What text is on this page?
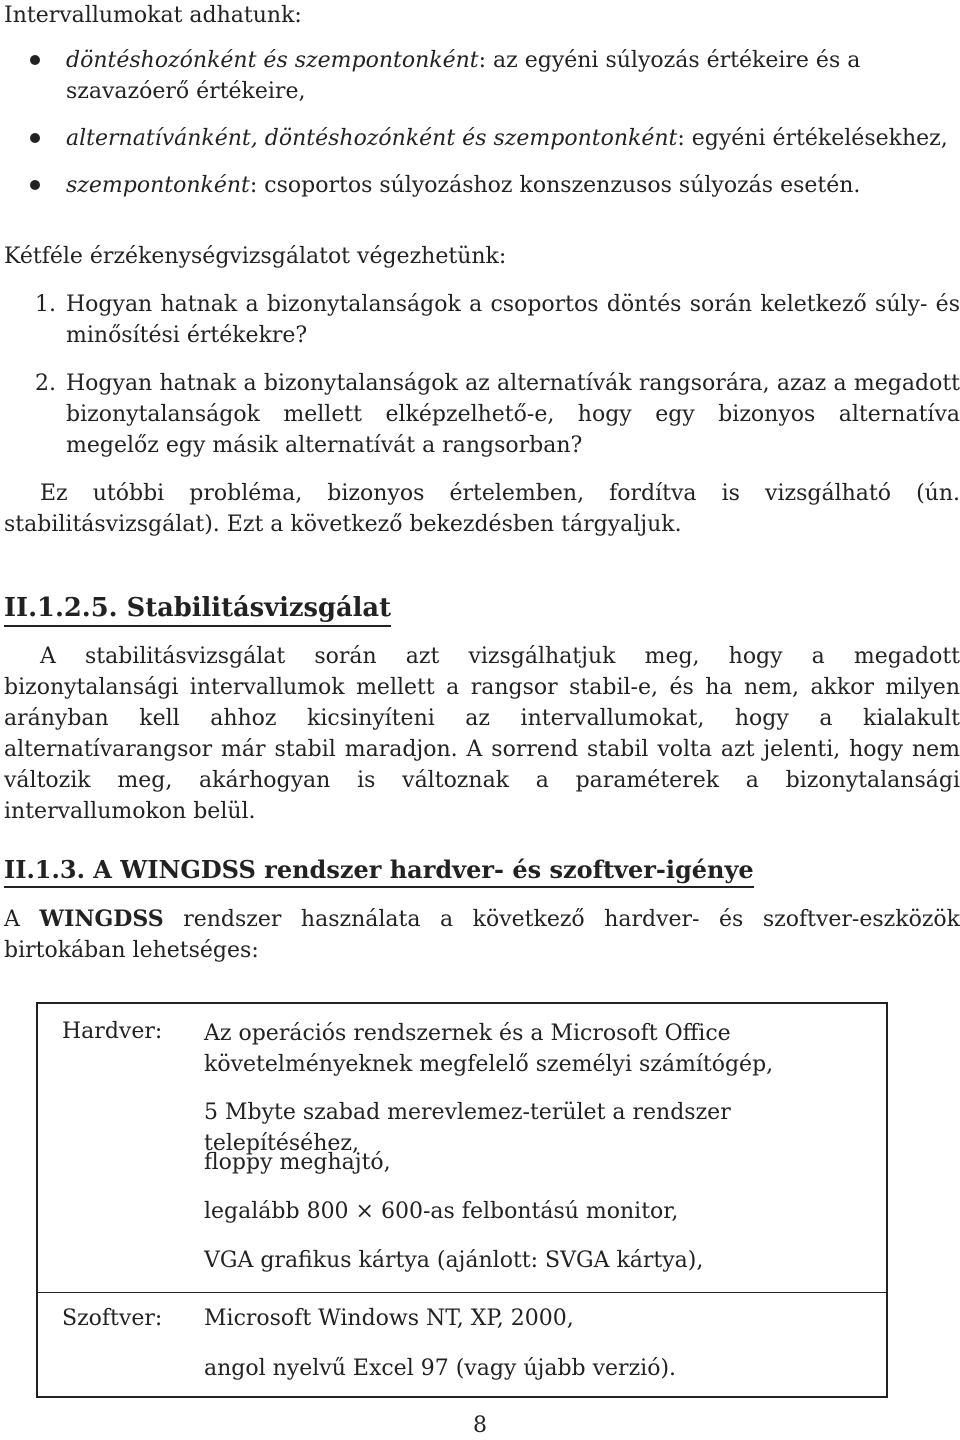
Intervallumokat adhatunk:

döntéshozónként és szempontonként: az egyéni súlyozás értékeire és a szavazóerő értékeire,
alternatívánként, döntéshozónként és szempontonként: egyéni értékelésekhez,
szempontonként: csoportos súlyozáshoz konszenzusos súlyozás esetén.

Kétféle érzékenységvizsgálatot végezhetünk:

1. Hogyan hatnak a bizonytalanságok a csoportos döntés során keletkező súly- és minősítési értékekre?
2. Hogyan hatnak a bizonytalanságok az alternatívák rangsorára, azaz a megadott bizonytalanságok mellett elképzelhető-e, hogy egy bizonyos alternatíva megelőz egy másik alternatívát a rangsorban?

Ez utóbbi probléma, bizonyos értelemben, fordítva is vizsgálható (ún. stabilitásvizsgálat). Ezt a következő bekezdésben tárgyaljuk.

II.1.2.5. Stabilitásvizsgálat

A stabilitásvizsgálat során azt vizsgálhatjuk meg, hogy a megadott bizonytalansági intervallumok mellett a rangsor stabil-e, és ha nem, akkor milyen arányban kell ahhoz kicsinyíteni az intervallumokat, hogy a kialakult alternatívarangsor már stabil maradjon. A sorrend stabil volta azt jelenti, hogy nem változik meg, akárhogyan is változnak a paraméterek a bizonytalansági intervallumokon belül.

II.1.3. A WINGDSS rendszer hardver- és szoftver-igénye

A WINGDSS rendszer használata a következő hardver- és szoftver-eszközök birtokában lehetséges:

Hardver: Az operációs rendszernek és a Microsoft Office
követelményeknek megfelelő személyi számítógép,
5 Mbyte szabad merevlemez-terület a rendszer telepítéséhez,
floppy meghajtó,
legalább 800 × 600-as felbontású monitor,
VGA grafikus kártya (ajánlott: SVGA kártya),
Szoftver: Microsoft Windows NT, XP, 2000,
angol nyelvű Excel 97 (vagy újabb verzió).
8
